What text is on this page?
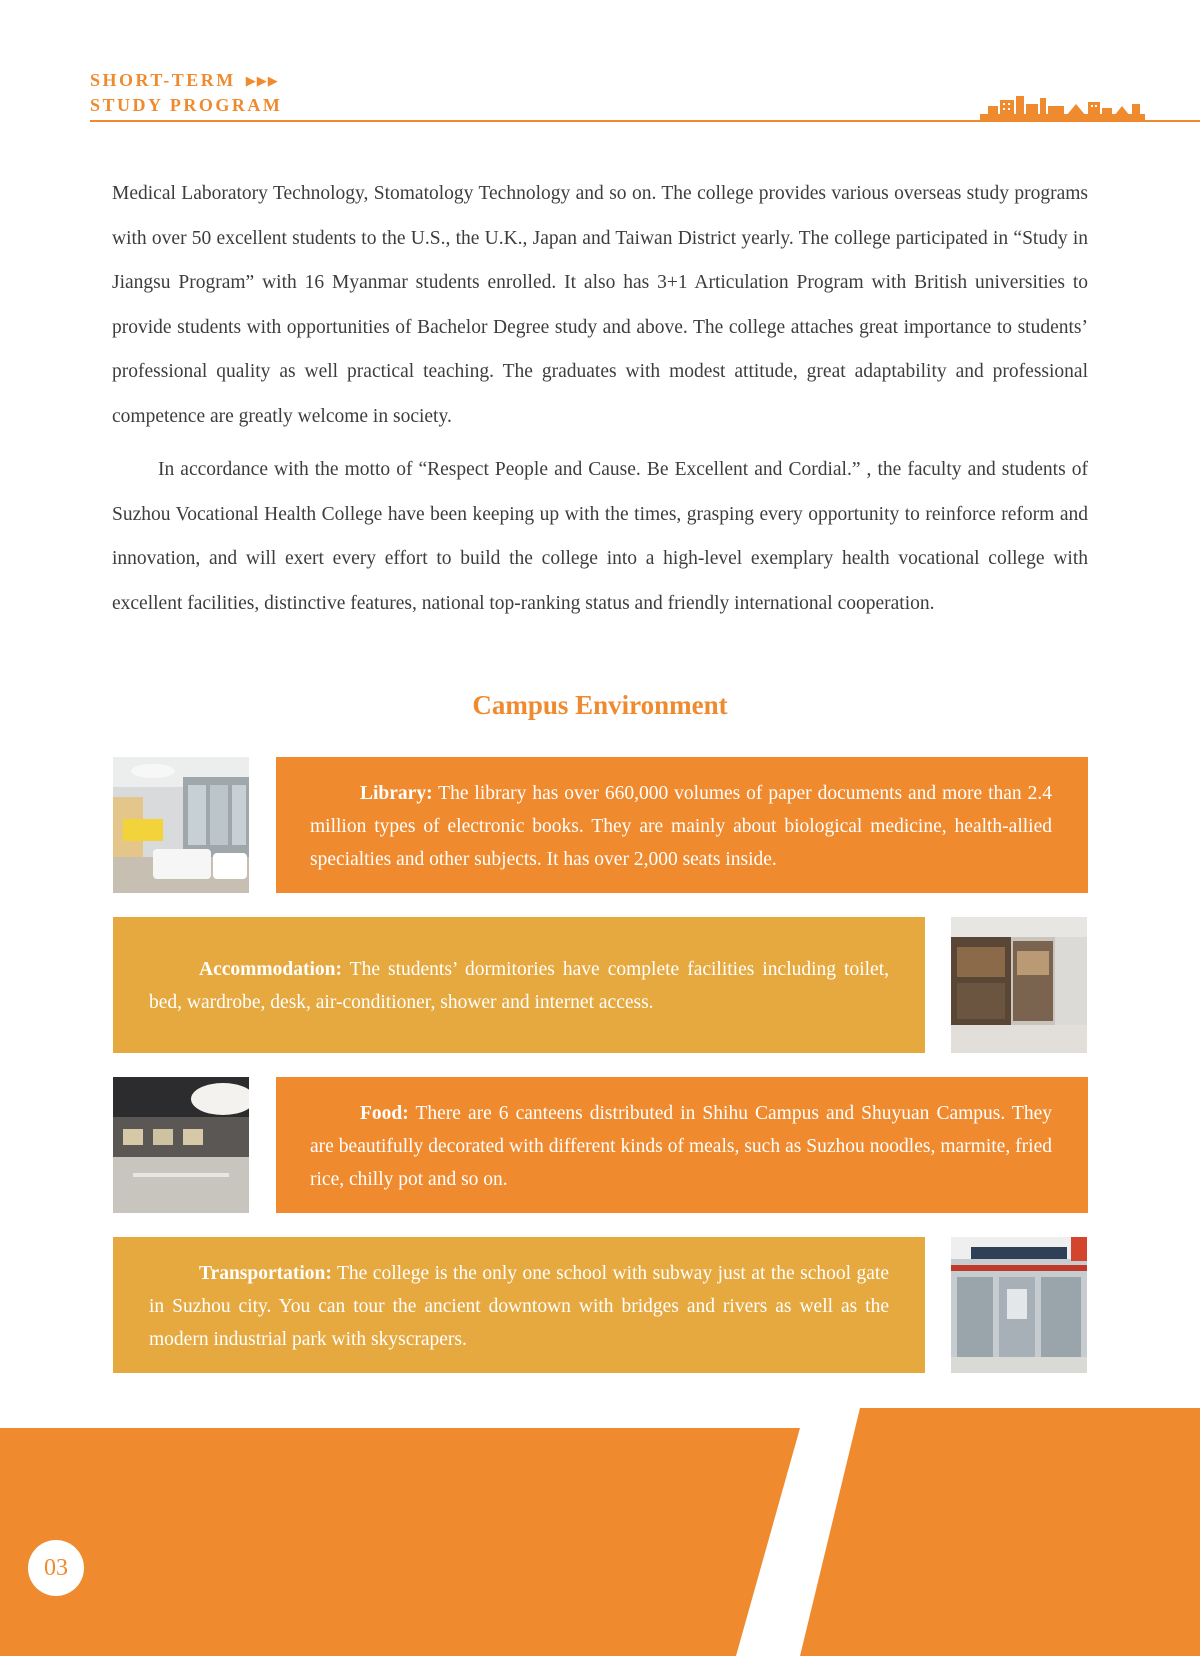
SHORT-TERM ▶▶▶
STUDY PROGRAM

Medical Laboratory Technology, Stomatology Technology and so on. The college provides various overseas study programs with over 50 excellent students to the U.S., the U.K., Japan and Taiwan District yearly. The college participated in “Study in Jiangsu Program” with 16 Myanmar students enrolled. It also has 3+1 Articulation Program with British universities to provide students with opportunities of Bachelor Degree study and above. The college attaches great importance to students’ professional quality as well practical teaching. The graduates with modest attitude, great adaptability and professional competence are greatly welcome in society.

In accordance with the motto of “Respect People and Cause. Be Excellent and Cordial.” , the faculty and students of Suzhou Vocational Health College have been keeping up with the times, grasping every opportunity to reinforce reform and innovation, and will exert every effort to build the college into a high-level exemplary health vocational college with excellent facilities, distinctive features, national top-ranking status and friendly international cooperation.

Campus Environment
Library: The library has over 660,000 volumes of paper documents and more than 2.4 million types of electronic books. They are mainly about biological medicine, health-allied specialties and other subjects. It has over 2,000 seats inside.
Accommodation: The students’ dormitories have complete facilities including toilet, bed, wardrobe, desk, air-conditioner, shower and internet access.
Food: There are 6 canteens distributed in Shihu Campus and Shuyuan Campus. They are beautifully decorated with different kinds of meals, such as Suzhou noodles, marmite, fried rice, chilly pot and so on.
Transportation: The college is the only one school with subway just at the school gate in Suzhou city. You can tour the ancient downtown with bridges and rivers as well as the modern industrial park with skyscrapers.
03
